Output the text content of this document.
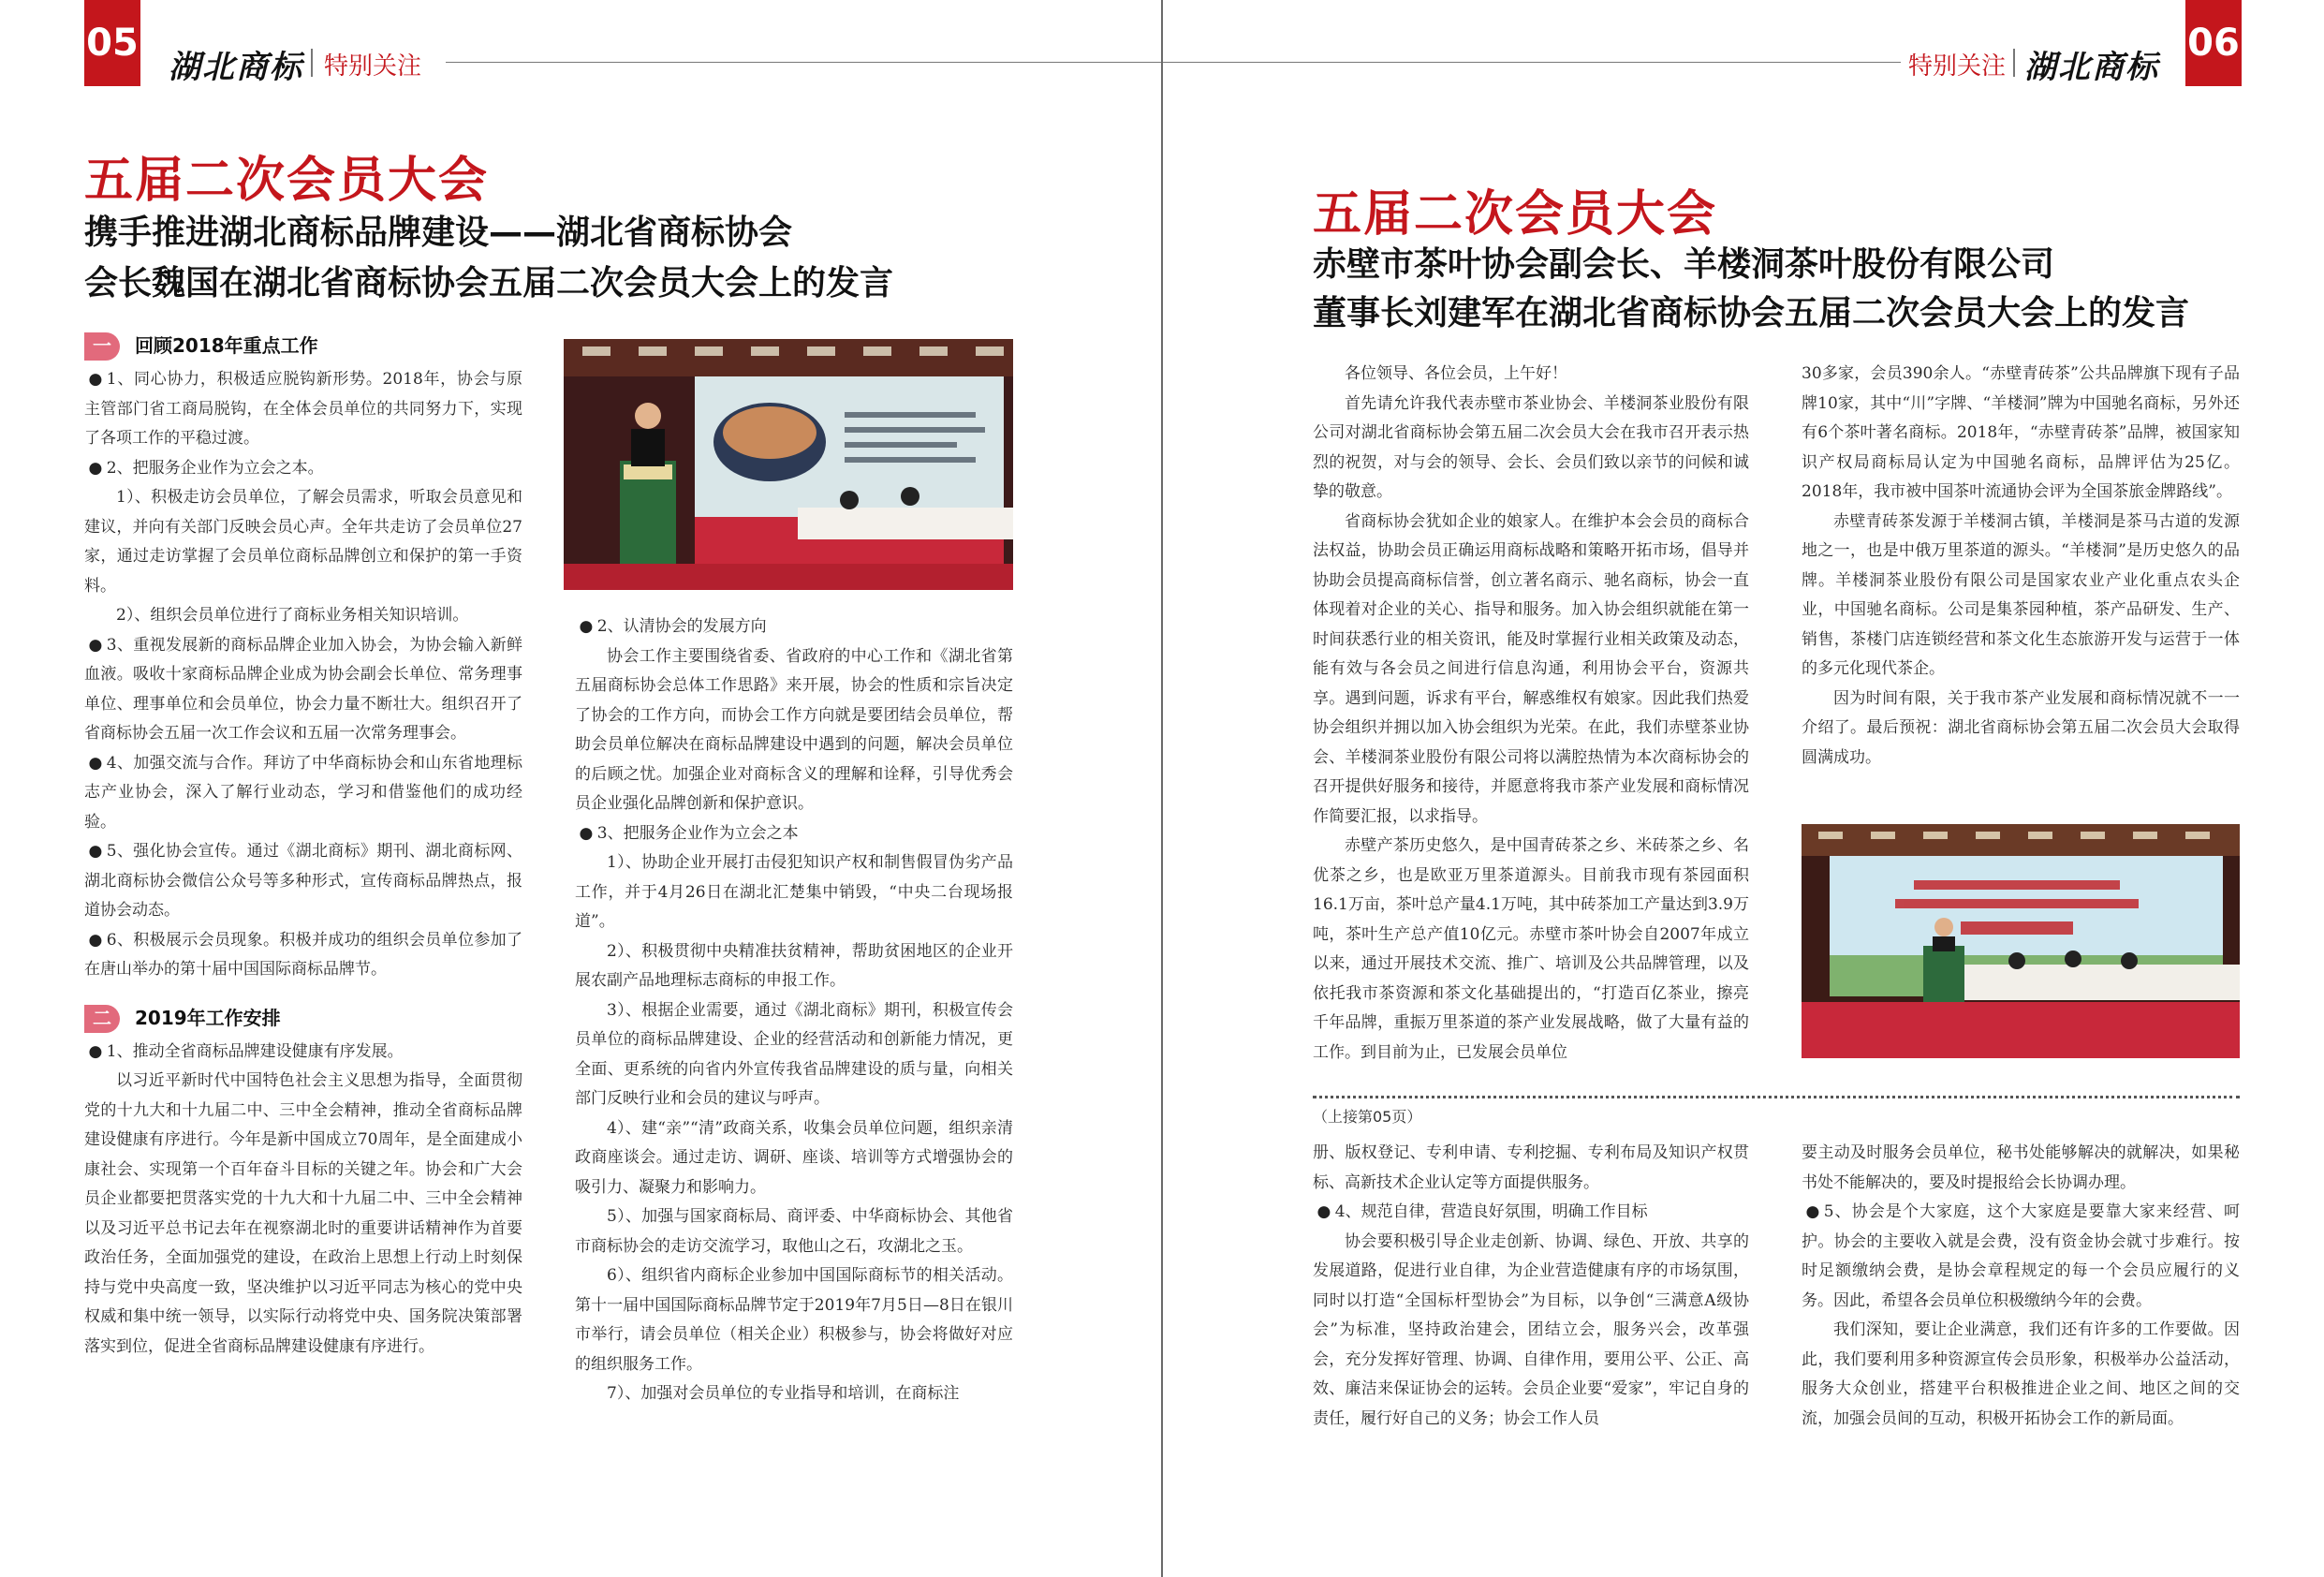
05
湖北商标 特别关注
五届二次会员大会
携手推进湖北商标品牌建设——湖北省商标协会
会长魏国在湖北省商标协会五届二次会员大会上的发言
一	回顾2018年重点工作

● 1、同心协力，积极适应脱钩新形势。2018年，协会与原主管部门省工商局脱钩，在全体会员单位的共同努力下，实现了各项工作的平稳过渡。

● 2、把服务企业作为立会之本。

1）、积极走访会员单位，了解会员需求，听取会员意见和建议，并向有关部门反映会员心声。全年共走访了会员单位27家，通过走访掌握了会员单位商标品牌创立和保护的第一手资料。

2）、组织会员单位进行了商标业务相关知识培训。

● 3、重视发展新的商标品牌企业加入协会，为协会输入新鲜血液。吸收十家商标品牌企业成为协会副会长单位、常务理事单位、理事单位和会员单位，协会力量不断壮大。组织召开了省商标协会五届一次工作会议和五届一次常务理事会。

● 4、加强交流与合作。拜访了中华商标协会和山东省地理标志产业协会，深入了解行业动态，学习和借鉴他们的成功经验。

● 5、强化协会宣传。通过《湖北商标》期刊、湖北商标网、湖北商标协会微信公众号等多种形式，宣传商标品牌热点，报道协会动态。

● 6、积极展示会员现象。积极并成功的组织会员单位参加了在唐山举办的第十届中国国际商标品牌节。

二	2019年工作安排

● 1、推动全省商标品牌建设健康有序发展。

以习近平新时代中国特色社会主义思想为指导，全面贯彻党的十九大和十九届二中、三中全会精神，推动全省商标品牌建设健康有序进行。今年是新中国成立70周年，是全面建成小康社会、实现第一个百年奋斗目标的关键之年。协会和广大会员企业都要把贯落实党的十九大和十九届二中、三中全会精神以及习近平总书记去年在视察湖北时的重要讲话精神作为首要政治任务，全面加强党的建设，在政治上思想上行动上时刻保持与党中央高度一致，坚决维护以习近平同志为核心的党中央权威和集中统一领导，以实际行动将党中央、国务院决策部署落实到位，促进全省商标品牌建设健康有序进行。

● 2、认清协会的发展方向

协会工作主要围绕省委、省政府的中心工作和《湖北省第五届商标协会总体工作思路》来开展，协会的性质和宗旨决定了协会的工作方向，而协会工作方向就是要团结会员单位，帮助会员单位解决在商标品牌建设中遇到的问题，解决会员单位的后顾之忧。加强企业对商标含义的理解和诠释，引导优秀会员企业强化品牌创新和保护意识。

● 3、把服务企业作为立会之本

1）、协助企业开展打击侵犯知识产权和制售假冒伪劣产品工作，并于4月26日在湖北汇楚集中销毁，“中央二台现场报道”。

2）、积极贯彻中央精准扶贫精神，帮助贫困地区的企业开展农副产品地理标志商标的申报工作。

3）、根据企业需要，通过《湖北商标》期刊，积极宣传会员单位的商标品牌建设、企业的经营活动和创新能力情况，更全面、更系统的向省内外宣传我省品牌建设的质与量，向相关部门反映行业和会员的建议与呼声。

4）、建“亲”“清”政商关系，收集会员单位问题，组织亲清政商座谈会。通过走访、调研、座谈、培训等方式增强协会的吸引力、凝聚力和影响力。

5）、加强与国家商标局、商评委、中华商标协会、其他省市商标协会的走访交流学习，取他山之石，攻湖北之玉。

6）、组织省内商标企业参加中国国际商标节的相关活动。第十一届中国国际商标品牌节定于2019年7月5日—8日在银川市举行，请会员单位（相关企业）积极参与，协会将做好对应的组织服务工作。

7）、加强对会员单位的专业指导和培训，在商标注

特别关注 湖北商标
06
五届二次会员大会
赤壁市茶叶协会副会长、羊楼洞茶叶股份有限公司
董事长刘建军在湖北省商标协会五届二次会员大会上的发言

各位领导、各位会员，上午好！

首先请允许我代表赤壁市茶业协会、羊楼洞茶业股份有限公司对湖北省商标协会第五届二次会员大会在我市召开表示热烈的祝贺，对与会的领导、会长、会员们致以亲节的问候和诚挚的敬意。

省商标协会犹如企业的娘家人。在维护本会会员的商标合法权益，协助会员正确运用商标战略和策略开拓市场，倡导并协助会员提高商标信誉，创立著名商示、驰名商标，协会一直体现着对企业的关心、指导和服务。加入协会组织就能在第一时间获悉行业的相关资讯，能及时掌握行业相关政策及动态，能有效与各会员之间进行信息沟通，利用协会平台，资源共享。遇到问题，诉求有平台，解惑维权有娘家。因此我们热爱协会组织并拥以加入协会组织为光荣。在此，我们赤壁茶业协会、羊楼洞茶业股份有限公司将以满腔热情为本次商标协会的召开提供好服务和接待，并愿意将我市茶产业发展和商标情况作简要汇报，以求指导。

赤壁产茶历史悠久，是中国青砖茶之乡、米砖茶之乡、名优茶之乡，也是欧亚万里茶道源头。目前我市现有茶园面积16.1万亩，茶叶总产量4.1万吨，其中砖茶加工产量达到3.9万吨，茶叶生产总产值10亿元。赤壁市茶叶协会自2007年成立以来，通过开展技术交流、推广、培训及公共品牌管理，以及依托我市茶资源和茶文化基础提出的，“打造百亿茶业，擦亮千年品牌，重振万里茶道的茶产业发展战略，做了大量有益的工作。到目前为止，已发展会员单位

30多家，会员390余人。“赤壁青砖茶”公共品牌旗下现有子品牌10家，其中“川”字牌、“羊楼洞”牌为中国驰名商标，另外还有6个茶叶著名商标。2018年，“赤壁青砖茶”品牌，被国家知识产权局商标局认定为中国驰名商标，品牌评估为25亿。2018年，我市被中国茶叶流通协会评为全国茶旅金牌路线”。

赤壁青砖茶发源于羊楼洞古镇，羊楼洞是茶马古道的发源地之一，也是中俄万里茶道的源头。“羊楼洞”是历史悠久的品牌。羊楼洞茶业股份有限公司是国家农业产业化重点农头企业，中国驰名商标。公司是集茶园种植，茶产品研发、生产、销售，茶楼门店连锁经营和茶文化生态旅游开发与运营于一体的多元化现代茶企。

因为时间有限，关于我市茶产业发展和商标情况就不一一介绍了。最后预祝：湖北省商标协会第五届二次会员大会取得圆满成功。

（上接第05页）

册、版权登记、专利申请、专利挖掘、专利布局及知识产权贯标、高新技术企业认定等方面提供服务。

● 4、规范自律，营造良好氛围，明确工作目标

协会要积极引导企业走创新、协调、绿色、开放、共享的发展道路，促进行业自律，为企业营造健康有序的市场氛围，同时以打造“全国标杆型协会”为目标，以争创“三满意A级协会”为标准，坚持政治建会，团结立会，服务兴会，改革强会，充分发挥好管理、协调、自律作用，要用公平、公正、高效、廉洁来保证协会的运转。会员企业要“爱家”，牢记自身的责任，履行好自己的义务；协会工作人员

要主动及时服务会员单位，秘书处能够解决的就解决，如果秘书处不能解决的，要及时提报给会长协调办理。

● 5、协会是个大家庭，这个大家庭是要靠大家来经营、呵护。协会的主要收入就是会费，没有资金协会就寸步难行。按时足额缴纳会费，是协会章程规定的每一个会员应履行的义务。因此，希望各会员单位积极缴纳今年的会费。

我们深知，要让企业满意，我们还有许多的工作要做。因此，我们要利用多种资源宣传会员形象，积极举办公益活动，服务大众创业，搭建平台积极推进企业之间、地区之间的交流，加强会员间的互动，积极开拓协会工作的新局面。
